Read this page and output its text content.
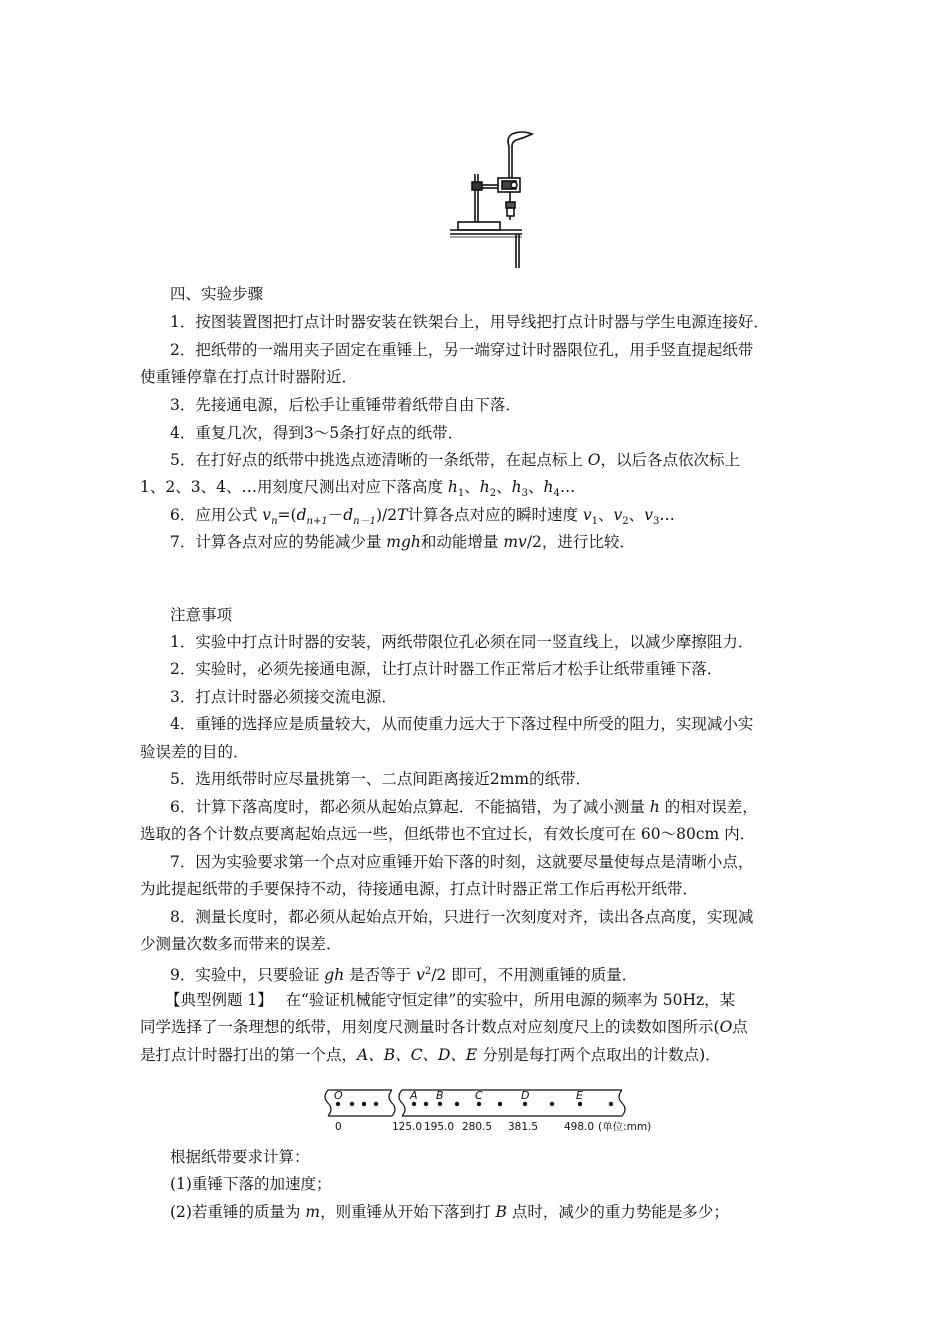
四、实验步骤
1．按图装置图把打点计时器安装在铁架台上，用导线把打点计时器与学生电源连接好．
2．把纸带的一端用夹子固定在重锤上，另一端穿过计时器限位孔，用手竖直提起纸带
使重锤停靠在打点计时器附近．
3．先接通电源，后松手让重锤带着纸带自由下落．
4．重复几次，得到3～5条打好点的纸带．
5．在打好点的纸带中挑选点迹清晰的一条纸带，在起点标上 O，以后各点依次标上
1、2、3、4、…用刻度尺测出对应下落高度 $h_1$、$h_2$、$h_3$、$h_4\dots$
6．应用公式 $v_n=(d_{n+1}-d_{n-1})/2T$计算各点对应的瞬时速度 $v_1$、$v_2$、$v_3\dots$
7．计算各点对应的势能减少量 mgh和动能增量 mv/2，进行比较．
注意事项
1．实验中打点计时器的安装，两纸带限位孔必须在同一竖直线上，以减少摩擦阻力．
2．实验时，必须先接通电源，让打点计时器工作正常后才松手让纸带重锤下落．
3．打点计时器必须接交流电源．
4．重锤的选择应是质量较大，从而使重力远大于下落过程中所受的阻力，实现减小实
验误差的目的．
5．选用纸带时应尽量挑第一、二点间距离接近2mm的纸带．
6．计算下落高度时，都必须从起始点算起．不能搞错，为了减小测量 h 的相对误差，
选取的各个计数点要离起始点远一些，但纸带也不宜过长，有效长度可在 60～80cm 内．
7．因为实验要求第一个点对应重锤开始下落的时刻，这就要尽量使每点是清晰小点，
为此提起纸带的手要保持不动，待接通电源，打点计时器正常工作后再松开纸带．
8．测量长度时，都必须从起始点开始，只进行一次刻度对齐，读出各点高度，实现减
少测量次数多而带来的误差．
9．实验中，只要验证 gh 是否等于 $v^2/2$ 即可，不用测重锤的质量．
【典型例题 1】　 在“验证机械能守恒定律”的实验中，所用电源的频率为 50Hz，某
同学选择了一条理想的纸带，用刻度尺测量时各计数点对应刻度尺上的读数如图所示(O点
是打点计时器打出的第一个点，A、B、C、D、E 分别是每打两个点取出的计数点)．
O	A B	C	D	E
0	125.0 195.0 280.5 381.5 498.0 (单位:mm)
根据纸带要求计算：
(1)重锤下落的加速度；
(2)若重锤的质量为 m，则重锤从开始下落到打 B 点时，减少的重力势能是多少；
